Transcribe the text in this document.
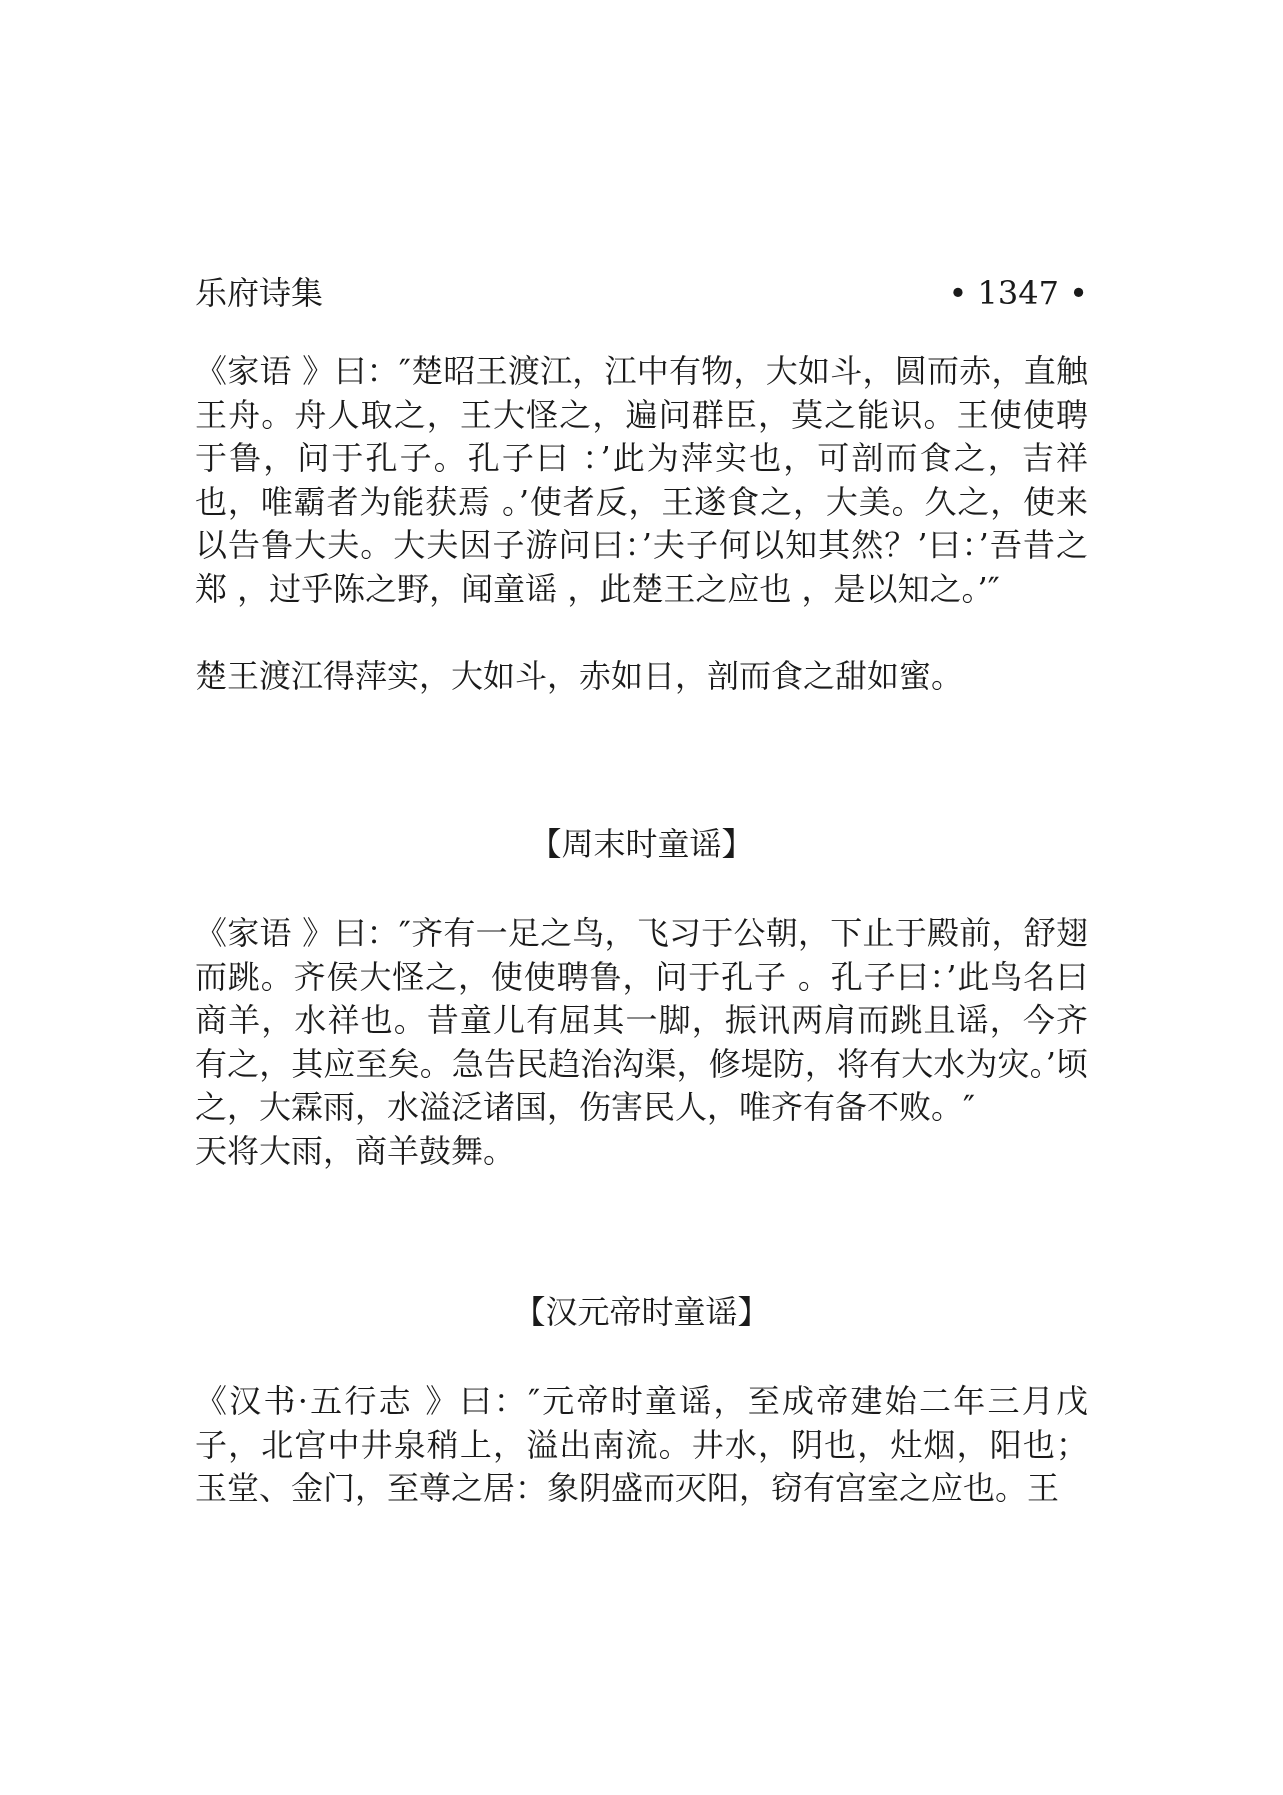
乐府诗集	• 1347 •

《家语 》曰：″楚昭王渡江，江中有物，大如斗，圆而赤，直触王舟。舟人取之，王大怪之，遍问群臣，莫之能识。王使使聘于鲁，问于孔子。孔子曰 ：’此为萍实也，可剖而食之，吉祥也，唯霸者为能获焉 。’使者反，王遂食之，大美。久之，使来以告鲁大夫。大夫因子游问曰：’夫子何以知其然？’曰：’吾昔之郑 ，过乎陈之野，闻童谣 ，此楚王之应也 ，是以知之。’″

楚王渡江得萍实，大如斗，赤如日，剖而食之甜如蜜。

【周末时童谣】

《家语 》曰：″齐有一足之鸟，飞习于公朝，下止于殿前，舒翅而跳。齐侯大怪之，使使聘鲁，问于孔子 。孔子曰：’此鸟名曰商羊，水祥也。昔童儿有屈其一脚，振讯两肩而跳且谣，今齐有之，其应至矣。急告民趋治沟渠，修堤防，将有大水为灾。’顷之，大霖雨，水溢泛诸国，伤害民人，唯齐有备不败。″

天将大雨，商羊鼓舞。

【汉元帝时童谣】

《汉书·五行志 》曰：″元帝时童谣，至成帝建始二年三月戊子，北宫中井泉稍上，溢出南流。井水，阴也，灶烟，阳也；玉堂、金门，至尊之居：象阴盛而灭阳，窃有宫室之应也。王
